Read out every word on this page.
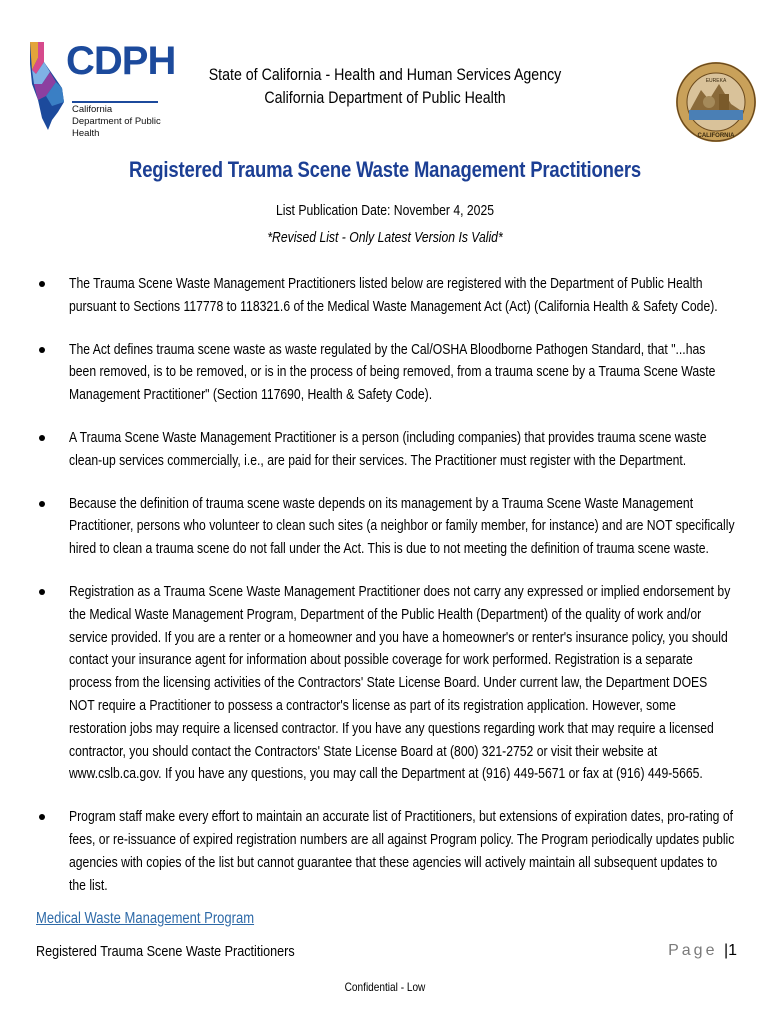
CDPH
California Department of Public Health
State of California - Health and Human Services Agency
California Department of Public Health
EUREKA
CALIFORNIA
Registered Trauma Scene Waste Management Practitioners
List Publication Date: November 4, 2025
*Revised List - Only Latest Version Is Valid*
The Trauma Scene Waste Management Practitioners listed below are registered with the Department of Public Health pursuant to Sections 117778 to 118321.6 of the Medical Waste Management Act (Act) (California Health & Safety Code).
The Act defines trauma scene waste as waste regulated by the Cal/OSHA Bloodborne Pathogen Standard, that "...has been removed, is to be removed, or is in the process of being removed, from a trauma scene by a Trauma Scene Waste Management Practitioner" (Section 117690, Health & Safety Code).
A Trauma Scene Waste Management Practitioner is a person (including companies) that provides trauma scene waste clean-up services commercially, i.e., are paid for their services. The Practitioner must register with the Department.
Because the definition of trauma scene waste depends on its management by a Trauma Scene Waste Management Practitioner, persons who volunteer to clean such sites (a neighbor or family member, for instance) and are NOT specifically hired to clean a trauma scene do not fall under the Act. This is due to not meeting the definition of trauma scene waste.
Registration as a Trauma Scene Waste Management Practitioner does not carry any expressed or implied endorsement by the Medical Waste Management Program, Department of the Public Health (Department) of the quality of work and/or service provided. If you are a renter or a homeowner and you have a homeowner's or renter's insurance policy, you should contact your insurance agent for information about possible coverage for work performed. Registration is a separate process from the licensing activities of the Contractors' State License Board. Under current law, the Department DOES NOT require a Practitioner to possess a contractor's license as part of its registration application. However, some restoration jobs may require a licensed contractor. If you have any questions regarding work that may require a licensed contractor, you should contact the Contractors' State License Board at (800) 321-2752 or visit their website at www.cslb.ca.gov. If you have any questions, you may call the Department at (916) 449-5671 or fax at (916) 449-5665.
Program staff make every effort to maintain an accurate list of Practitioners, but extensions of expiration dates, pro-rating of fees, or re-issuance of expired registration numbers are all against Program policy. The Program periodically updates public agencies with copies of the list but cannot guarantee that these agencies will actively maintain all subsequent updates to the list.
Medical Waste Management Program
Registered Trauma Scene Waste Practitioners	Page |1
Confidential - Low
